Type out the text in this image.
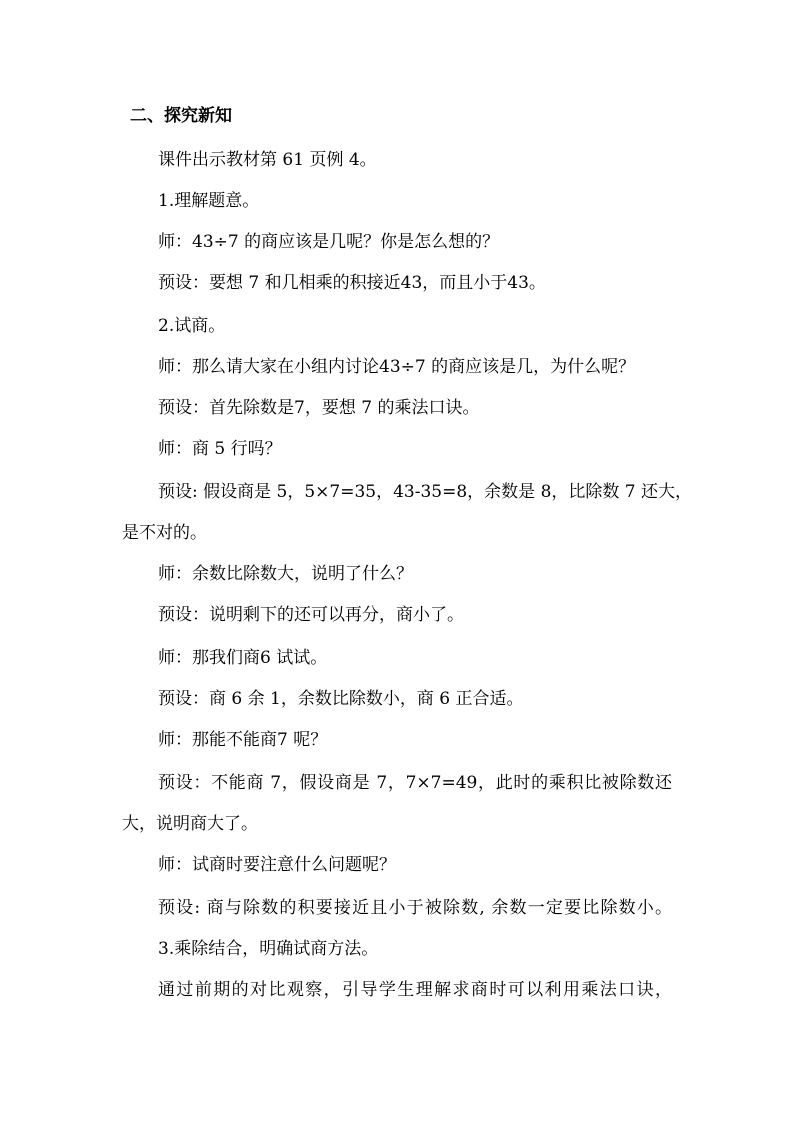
二、探究新知
课件出示教材第 61 页例 4。
1.理解题意。
师：43÷7 的商应该是几呢？你是怎么想的？
预设：要想 7 和几相乘的积接近43，而且小于43。
2.试商。
师：那么请大家在小组内讨论43÷7 的商应该是几，为什么呢？
预设：首先除数是7，要想 7 的乘法口诀。
师：商 5 行吗？
预设: 假设商是 5，5×7=35，43-35=8，余数是 8，比除数 7 还大，
是不对的。
师：余数比除数大，说明了什么？
预设：说明剩下的还可以再分，商小了。
师：那我们商6 试试。
预设：商 6 余 1，余数比除数小，商 6 正合适。
师：那能不能商7 呢？
预设：不能商 7，假设商是 7，7×7=49，此时的乘积比被除数还
大，说明商大了。
师：试商时要注意什么问题呢？
预设: 商与除数的积要接近且小于被除数, 余数一定要比除数小。
3.乘除结合，明确试商方法。
通过前期的对比观察，引导学生理解求商时可以利用乘法口诀，
